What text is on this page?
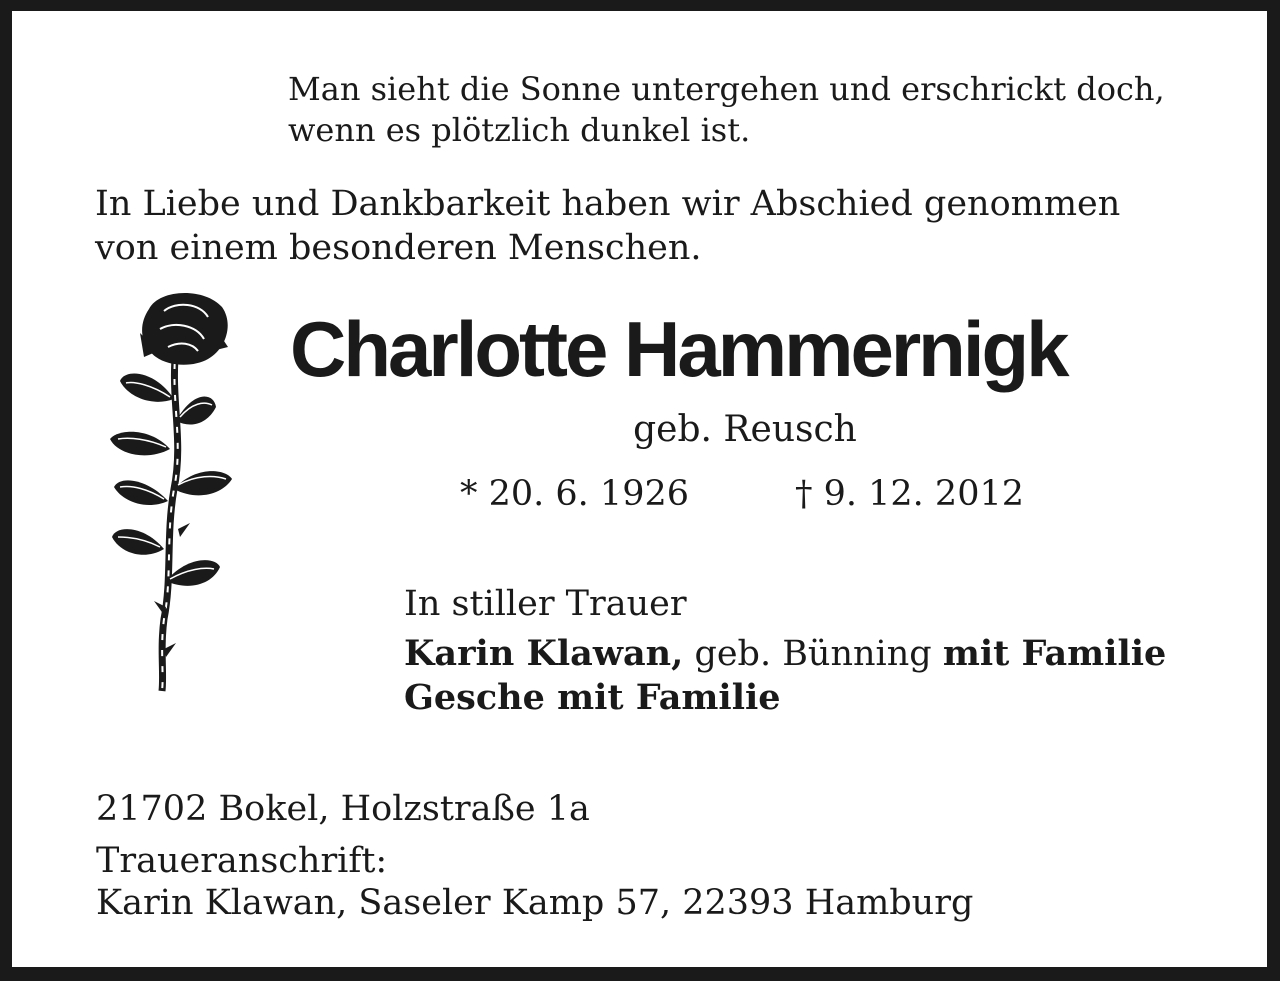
Man sieht die Sonne untergehen und erschrickt doch,
wenn es plötzlich dunkel ist.

In Liebe und Dankbarkeit haben wir Abschied genommen
von einem besonderen Menschen.

Charlotte Hammernigk
geb. Reusch
* 20. 6. 1926	† 9. 12. 2012
In stiller Trauer
Karin Klawan, geb. Bünning mit Familie
Gesche mit Familie
21702 Bokel, Holzstraße 1a
Traueranschrift:
Karin Klawan, Saseler Kamp 57, 22393 Hamburg
